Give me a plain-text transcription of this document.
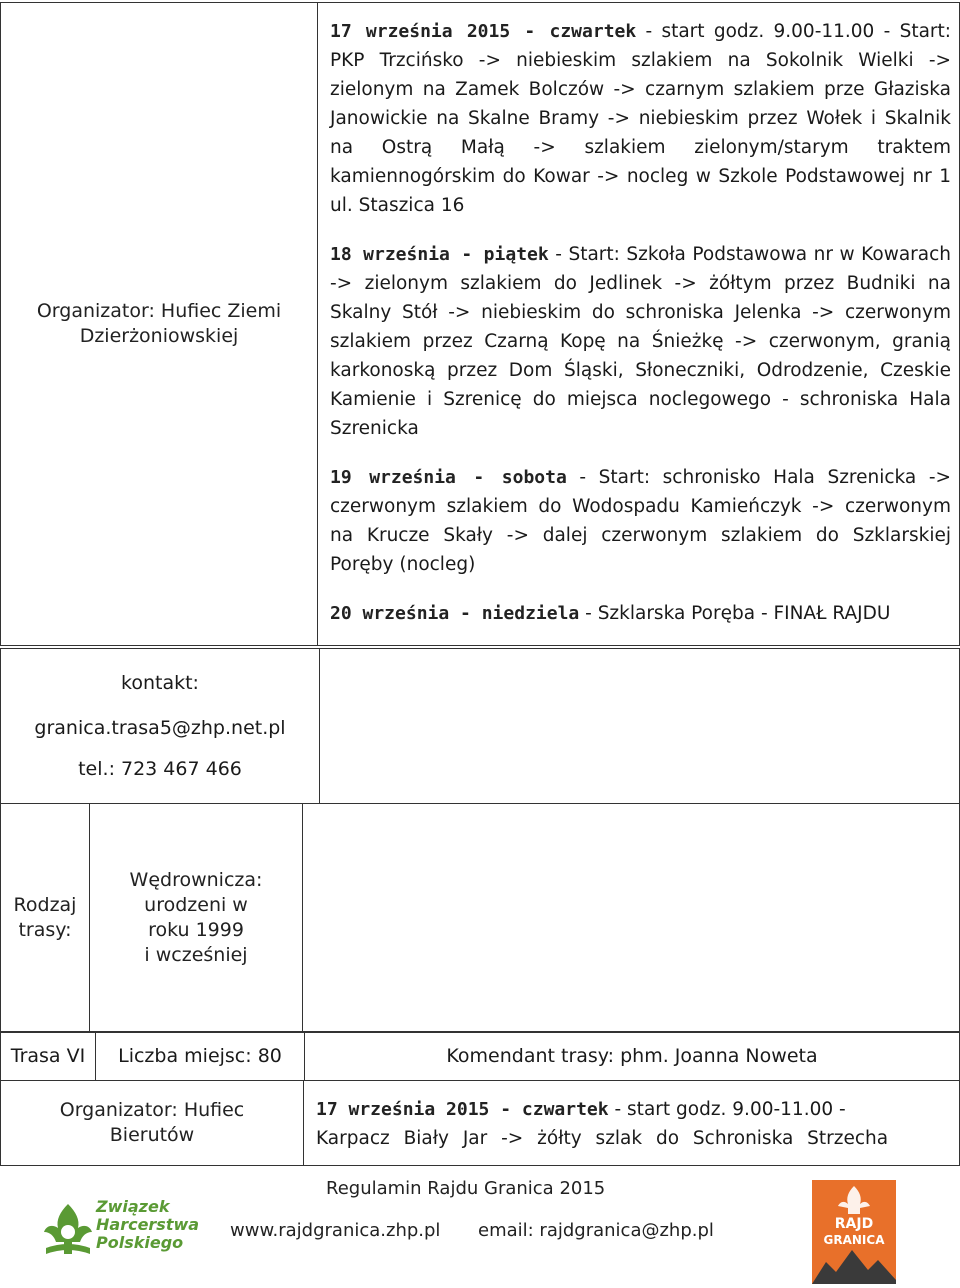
Organizator: Hufiec Ziemi Dzierżoniowskiej	

17 września 2015 - czwartek - start godz. 9.00-11.00 - Start: PKP Trzcińsko -> niebieskim szlakiem na Sokolnik Wielki -> zielonym na Zamek Bolczów -> czarnym szlakiem prze Głaziska Janowickie na Skalne Bramy -> niebieskim przez Wołek i Skalnik na Ostrą Małą -> szlakiem zielonym/starym traktem kamiennogórskim do Kowar -> nocleg w Szkole Podstawowej nr 1 ul. Staszica 16

18 września - piątek - Start: Szkoła Podstawowa nr w Kowarach -> zielonym szlakiem do Jedlinek -> żółtym przez Budniki na Skalny Stół -> niebieskim do schroniska Jelenka -> czerwonym szlakiem przez Czarną Kopę na Śnieżkę -> czerwonym, granią karkonoską przez Dom Śląski, Słoneczniki, Odrodzenie, Czeskie Kamienie i Szrenicę do miejsca noclegowego - schroniska Hala Szrenicka

19 września - sobota - Start: schronisko Hala Szrenicka -> czerwonym szlakiem do Wodospadu Kamieńczyk -> czerwonym na Krucze Skały -> dalej czerwonym szlakiem do Szklarskiej Poręby (nocleg)

20 września - niedziela - Szklarska Poręba - FINAŁ RAJDU

kontakt:
granica.trasa5@zhp.net.pl
tel.: 723 467 466

Rodzaj trasy:	
Wędrownicza:
urodzeni w roku 1999
i wcześniej

Trasa VI	Liczba miejsc: 80	Komendant trasy: phm. Joanna Noweta
Organizator: Hufiec Bierutów	
17 września 2015 - czwartek - start godz. 9.00-11.00 -
Karpacz Biały Jar -> żółty szlak do Schroniska Strzecha
Związek
Harcerstwa
Polskiego
Regulamin Rajdu Granica 2015
www.rajdgranica.zhp.pl email: rajdgranica@zhp.pl	RAJD
GRANICA
